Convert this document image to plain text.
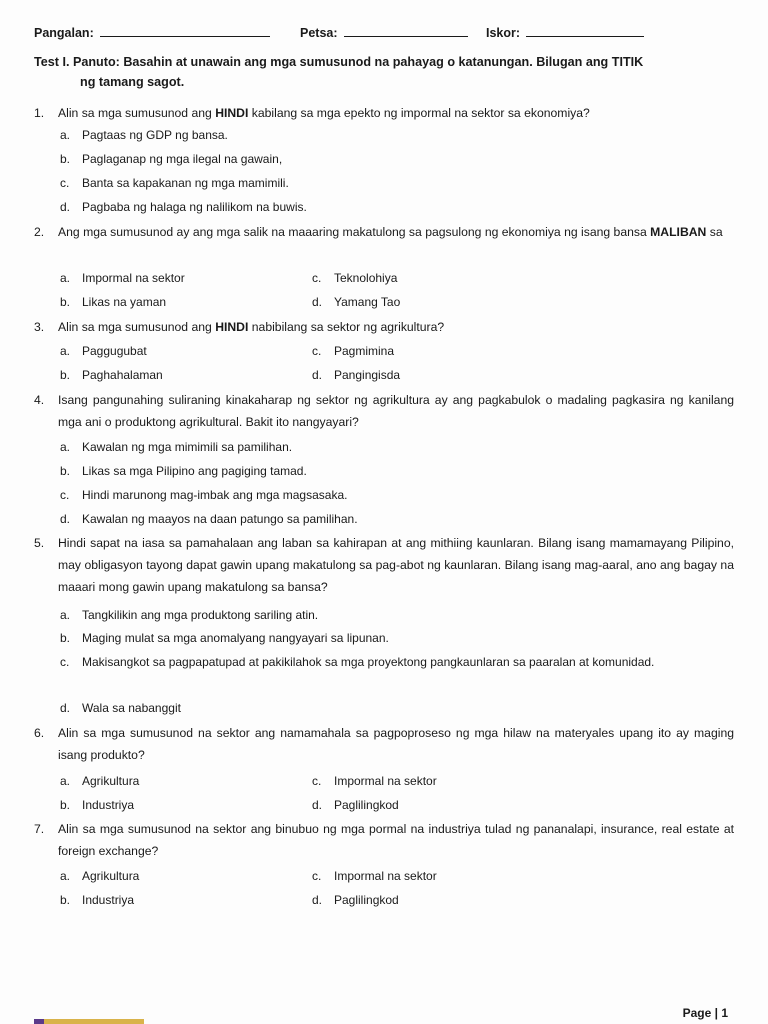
Pangalan:	Petsa:	Iskor:
Test I. Panuto: Basahin at unawain ang mga sumusunod na pahayag o katanungan. Bilugan ang TITIK
ng tamang sagot.
1.	Alin sa mga sumusunod ang HINDI kabilang sa mga epekto ng impormal na sektor sa ekonomiya?
a. Pagtaas ng GDP ng bansa.
b. Paglaganap ng mga ilegal na gawain,
c. Banta sa kapakanan ng mga mamimili.
d. Pagbaba ng halaga ng nalilikom na buwis.
2.	Ang mga sumusunod ay ang mga salik na maaaring makatulong sa pagsulong ng ekonomiya ng isang bansa MALIBAN sa
a. Impormal na sektor	c. Teknolohiya
b. Likas na yaman	d. Yamang Tao
3.	Alin sa mga sumusunod ang HINDI nabibilang sa sektor ng agrikultura?
a. Paggugubat	c. Pagmimina
b. Paghahalaman	d. Pangingisda
4.	Isang pangunahing suliraning kinakaharap ng sektor ng agrikultura ay ang pagkabulok o madaling pagkasira ng kanilang mga ani o produktong agrikultural. Bakit ito nangyayari?
a. Kawalan ng mga mimimili sa pamilihan.
b. Likas sa mga Pilipino ang pagiging tamad.
c. Hindi marunong mag-imbak ang mga magsasaka.
d. Kawalan ng maayos na daan patungo sa pamilihan.
5.	Hindi sapat na iasa sa pamahalaan ang laban sa kahirapan at ang mithiing kaunlaran. Bilang isang mamamayang Pilipino, may obligasyon tayong dapat gawin upang makatulong sa pag-abot ng kaunlaran. Bilang isang mag-aaral, ano ang bagay na maaari mong gawin upang makatulong sa bansa?
a. Tangkilikin ang mga produktong sariling atin.
b. Maging mulat sa mga anomalyang nangyayari sa lipunan.
c.	Makisangkot sa pagpapatupad at pakikilahok sa mga proyektong pangkaunlaran sa paaralan at komunidad.
d. Wala sa nabanggit
6.	Alin sa mga sumusunod na sektor ang namamahala sa pagpoproseso ng mga hilaw na materyales upang ito ay maging isang produkto?
a. Agrikultura	c. Impormal na sektor
b. Industriya	d. Paglilingkod
7.	Alin sa mga sumusunod na sektor ang binubuo ng mga pormal na industriya tulad ng pananalapi, insurance, real estate at foreign exchange?
a. Agrikultura	c. Impormal na sektor
b. Industriya	d. Paglilingkod
Page | 1
